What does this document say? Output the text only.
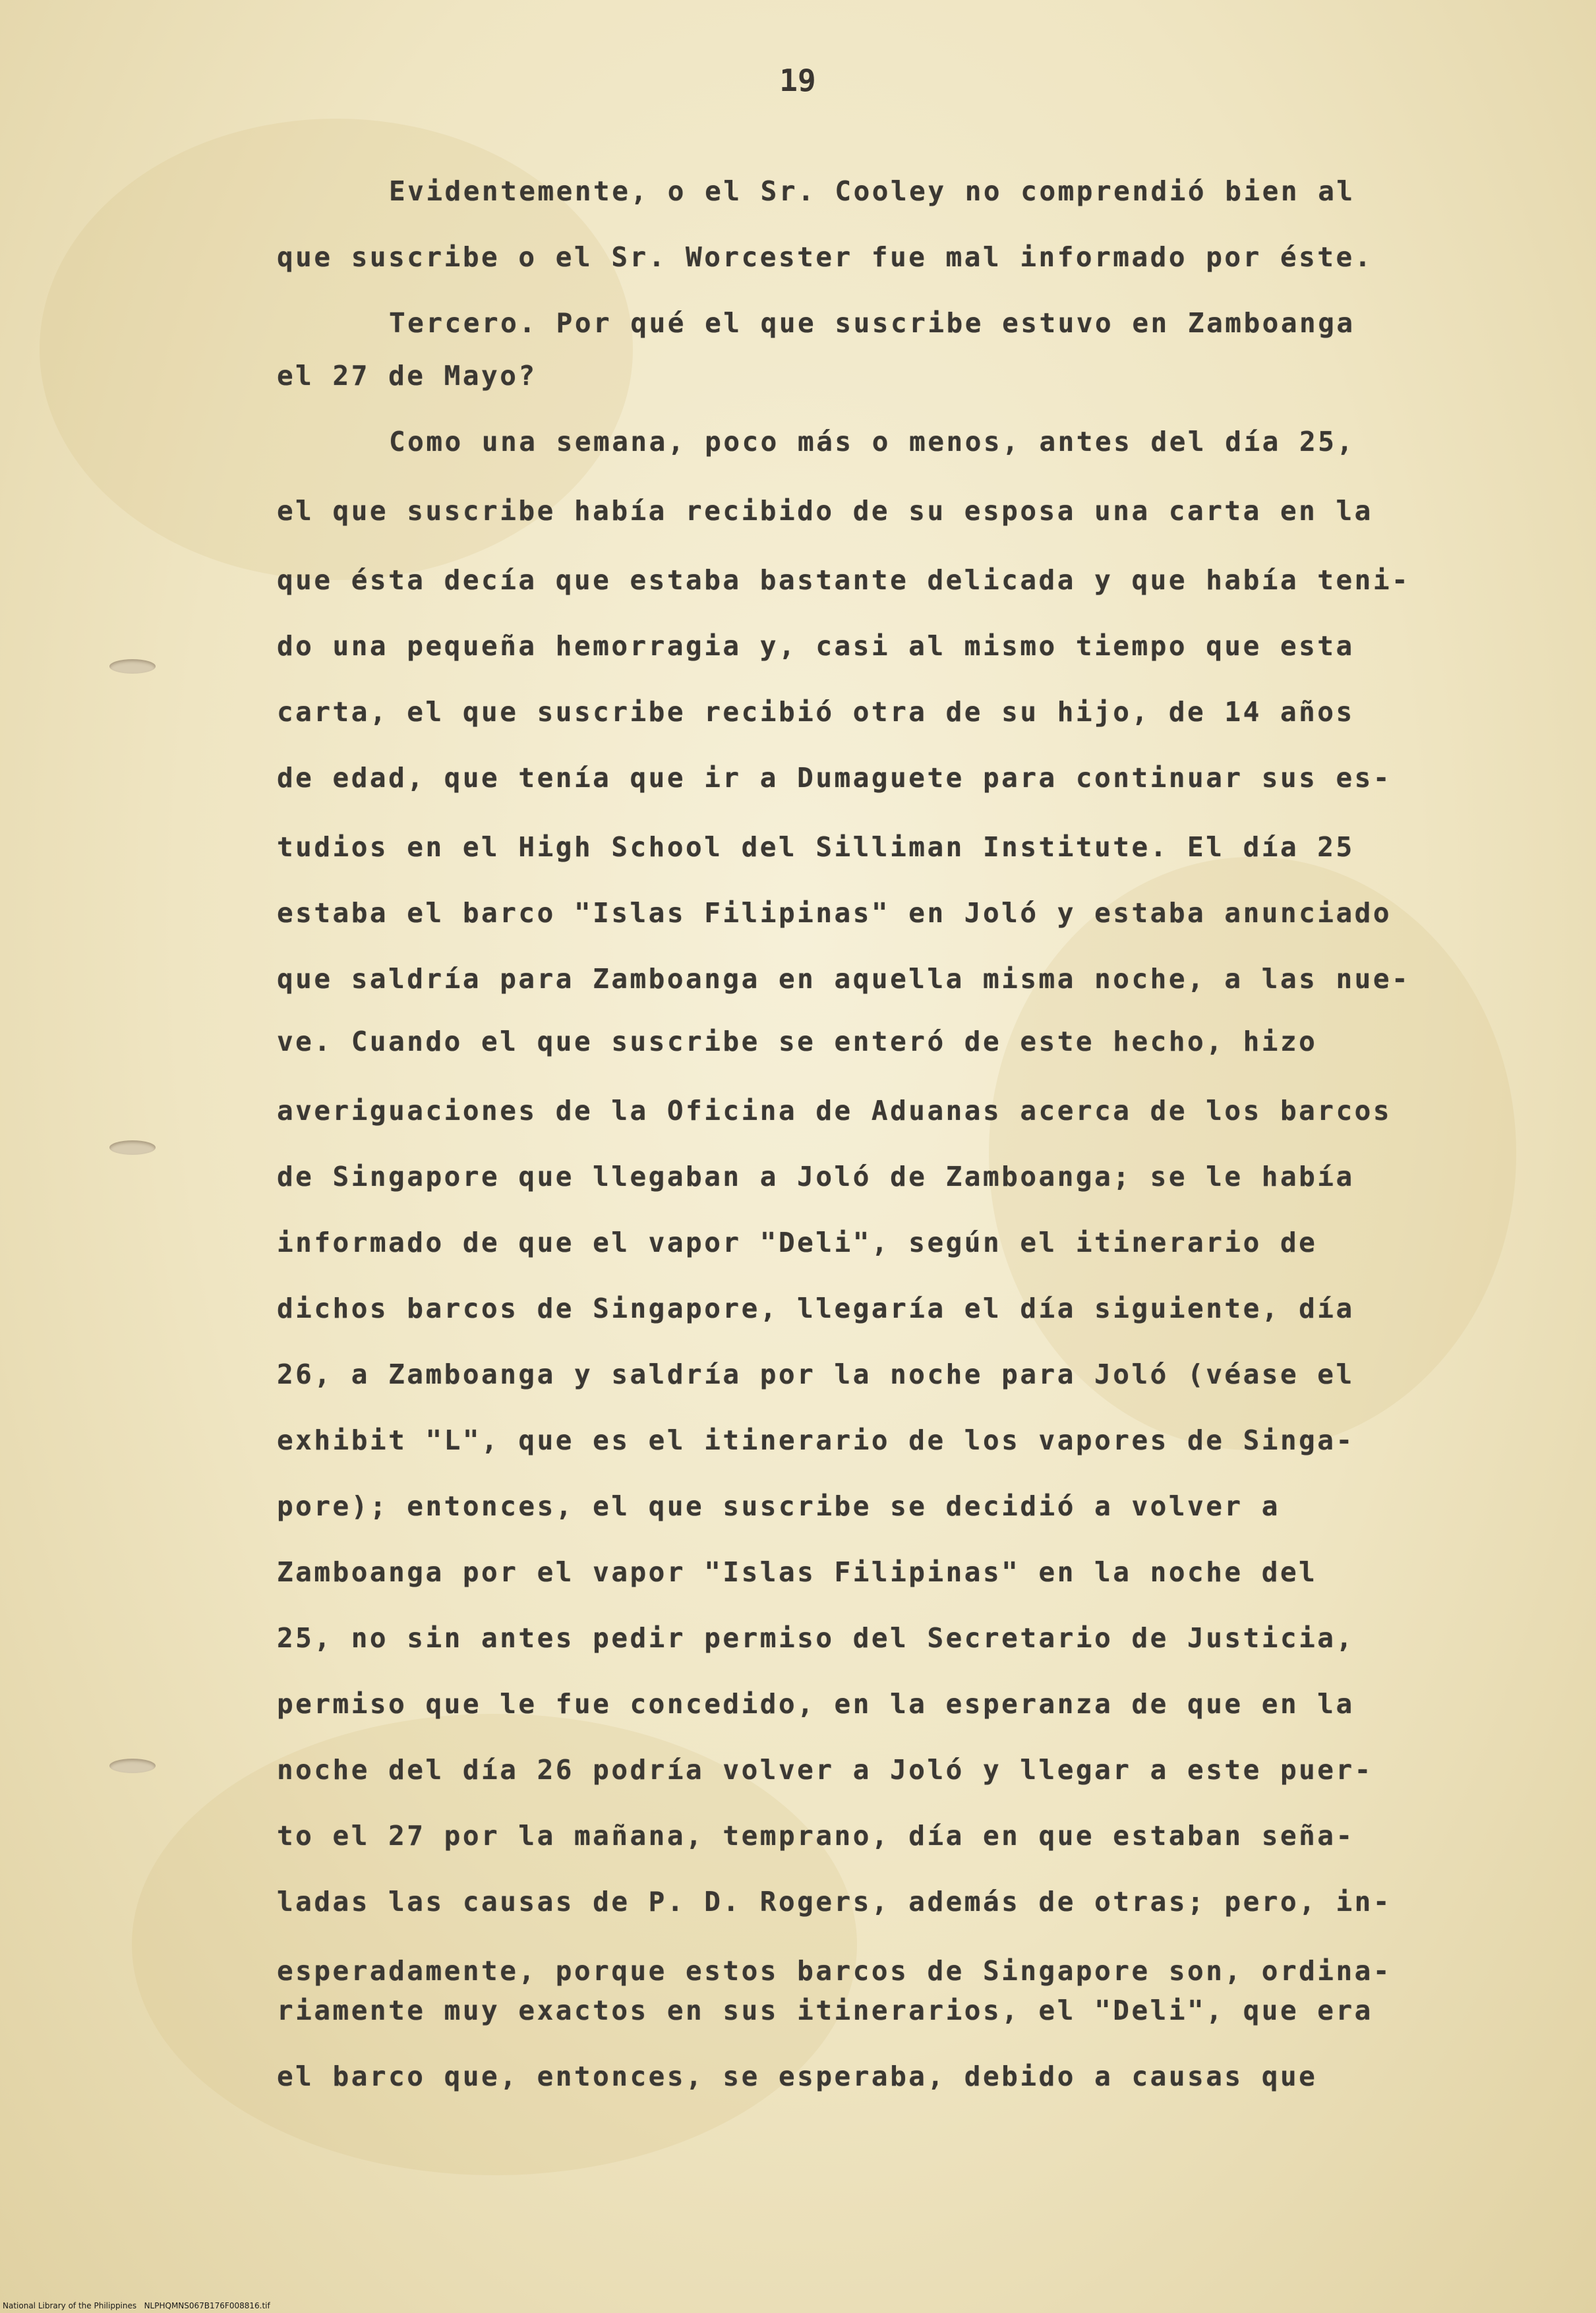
19
Evidentemente, o el Sr. Cooley no comprendió bien al
que suscribe o el Sr. Worcester fue mal informado por éste.
Tercero. Por qué el que suscribe estuvo en Zamboanga
el 27 de Mayo?
Como una semana, poco más o menos, antes del día 25,
el que suscribe había recibido de su esposa una carta en la
que ésta decía que estaba bastante delicada y que había teni-
do una pequeña hemorragia y, casi al mismo tiempo que esta
carta, el que suscribe recibió otra de su hijo, de 14 años
de edad, que tenía que ir a Dumaguete para continuar sus es-
tudios en el High School del Silliman Institute. El día 25
estaba el barco "Islas Filipinas" en Joló y estaba anunciado
que saldría para Zamboanga en aquella misma noche, a las nue-
ve. Cuando el que suscribe se enteró de este hecho, hizo
averiguaciones de la Oficina de Aduanas acerca de los barcos
de Singapore que llegaban a Joló de Zamboanga; se le había
informado de que el vapor "Deli", según el itinerario de
dichos barcos de Singapore, llegaría el día siguiente, día
26, a Zamboanga y saldría por la noche para Joló (véase el
exhibit "L", que es el itinerario de los vapores de Singa-
pore); entonces, el que suscribe se decidió a volver a
Zamboanga por el vapor "Islas Filipinas" en la noche del
25, no sin antes pedir permiso del Secretario de Justicia,
permiso que le fue concedido, en la esperanza de que en la
noche del día 26 podría volver a Joló y llegar a este puer-
to el 27 por la mañana, temprano, día en que estaban seña-
ladas las causas de P. D. Rogers, además de otras; pero, in-
esperadamente, porque estos barcos de Singapore son, ordina-
riamente muy exactos en sus itinerarios, el "Deli", que era
el barco que, entonces, se esperaba, debido a causas que
National Library of the Philippines   NLPHQMNS067B176F008816.tif
